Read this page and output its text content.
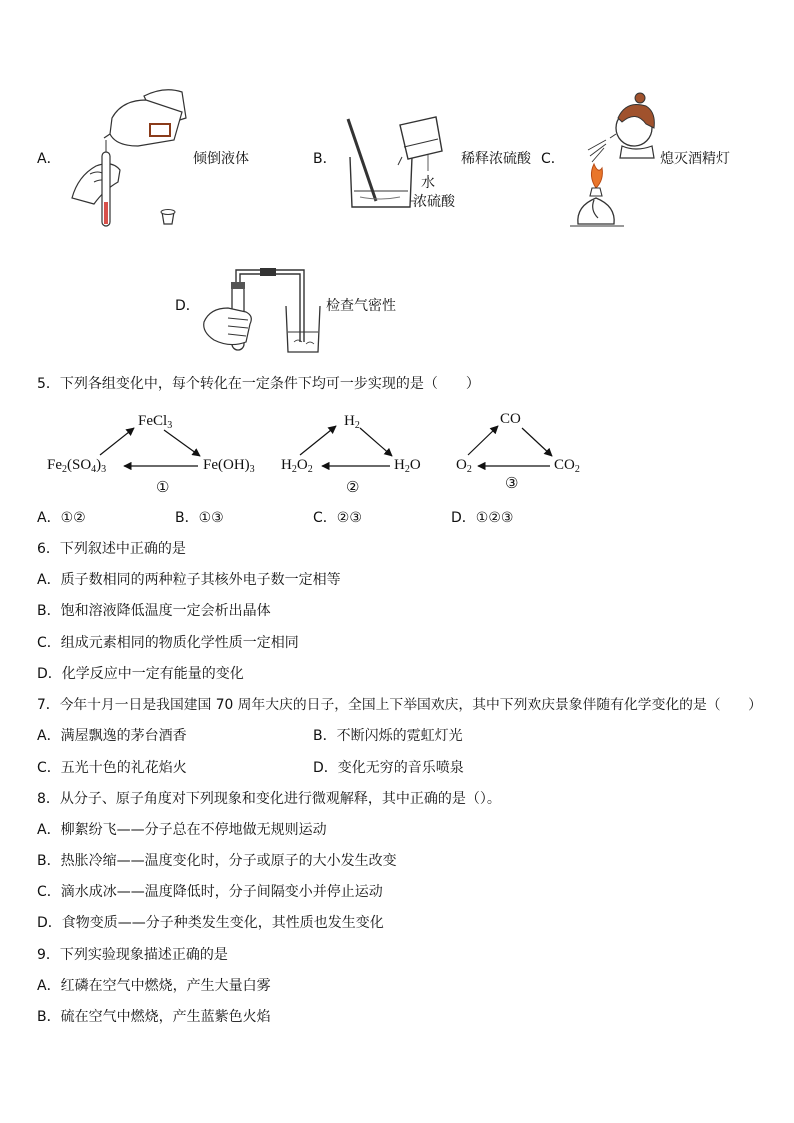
A．	倾倒液体	B．
水
浓硫酸
稀释浓硫酸 C．	熄灭酒精灯
D．	检查气密性
5．下列各组变化中，每个转化在一定条件下均可一步实现的是（　　）
FeCl$_3$
$Fe_2(SO_4)_3$	$Fe(OH)_3$
①
$H_2$
$H_2O_2$	$H_2O$
②
CO
$O_2$	$CO_2$
③
A．①②	B．①③	C．②③	D．①②③
6．下列叙述中正确的是
A．质子数相同的两种粒子其核外电子数一定相等
B．饱和溶液降低温度一定会析出晶体
C．组成元素相同的物质化学性质一定相同
D．化学反应中一定有能量的变化
7．今年十月一日是我国建国 70 周年大庆的日子，全国上下举国欢庆，其中下列欢庆景象伴随有化学变化的是（　　）
A．满屋飘逸的茅台酒香	B．不断闪烁的霓虹灯光
C．五光十色的礼花焰火	D．变化无穷的音乐喷泉
8．从分子、原子角度对下列现象和变化进行微观解释，其中正确的是（）。
A．柳絮纷飞——分子总在不停地做无规则运动
B．热胀冷缩——温度变化时，分子或原子的大小发生改变
C．滴水成冰——温度降低时，分子间隔变小并停止运动
D．食物变质——分子种类发生变化，其性质也发生变化
9．下列实验现象描述正确的是
A．红磷在空气中燃烧，产生大量白雾
B．硫在空气中燃烧，产生蓝紫色火焰
